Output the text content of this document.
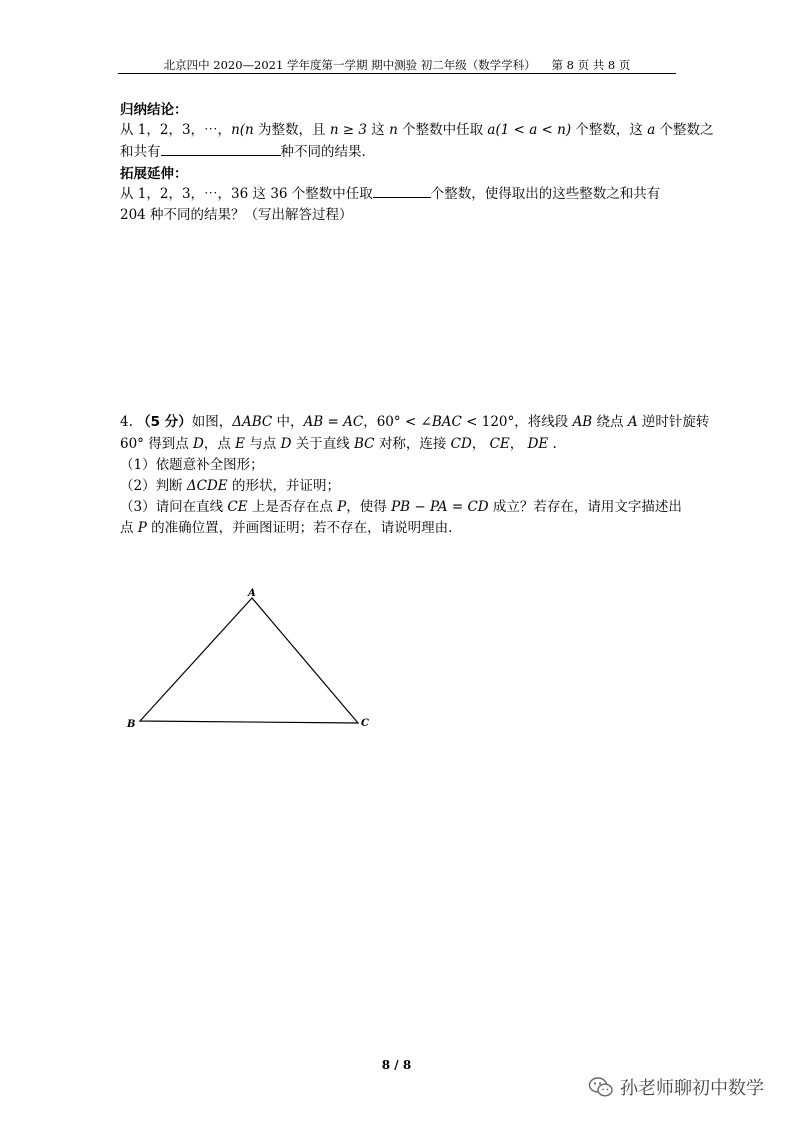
北京四中 2020—2021 学年度第一学期 期中测验 初二年级（数学学科） 第 8 页 共 8 页
归纳结论：
从 1，2，3，⋯，n(n 为整数，且 n ≥ 3 这 n 个整数中任取 a(1 < a < n) 个整数，这 a 个整数之
和共有	种不同的结果.
拓展延伸：
从 1，2，3，⋯，36 这 36 个整数中任取	个整数，使得取出的这些整数之和共有
204 种不同的结果？（写出解答过程）
4. （5 分）如图，ΔABC 中，AB = AC，60° < ∠BAC < 120°，将线段 AB 绕点 A 逆时针旋转
60° 得到点 D，点 E 与点 D 关于直线 BC 对称，连接 CD， CE， DE .
（1）依题意补全图形；
（2）判断 ΔCDE 的形状，并证明；
（3）请问在直线 CE 上是否存在点 P，使得 PB − PA = CD 成立？若存在，请用文字描述出
点 P 的准确位置，并画图证明；若不存在，请说明理由.
A
B	C
8 / 8
孙老师聊初中数学
